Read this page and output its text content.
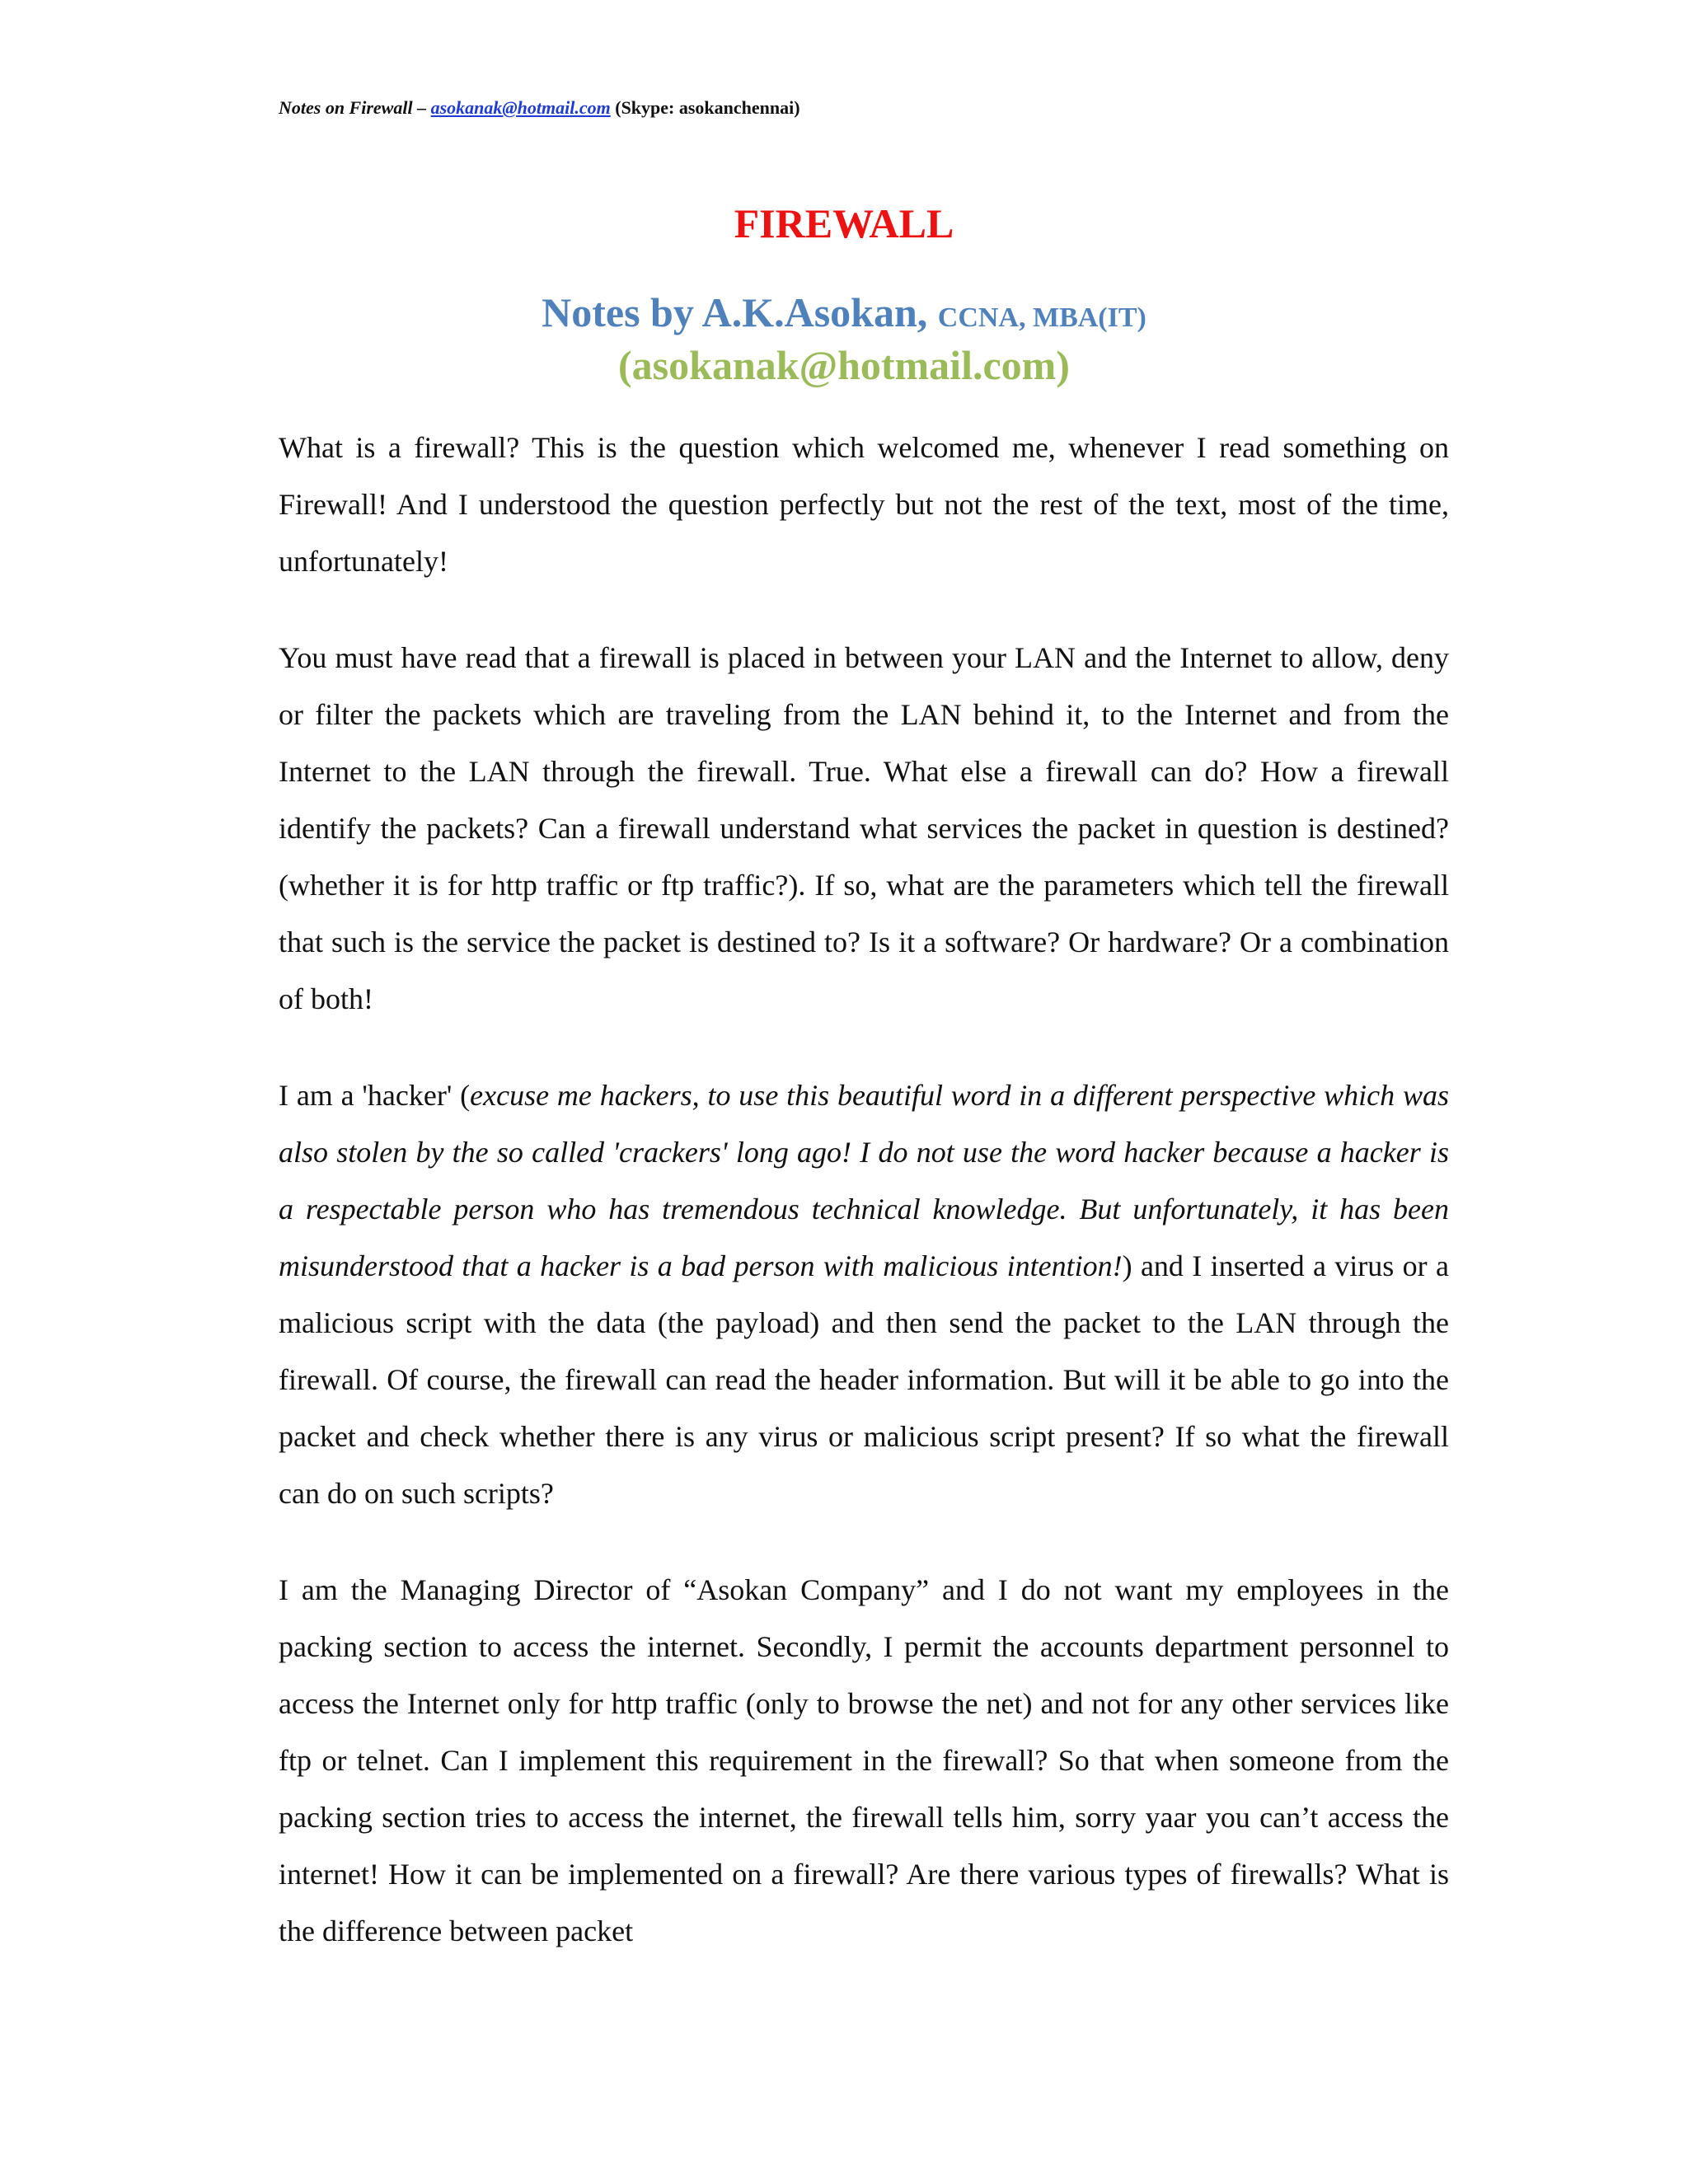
Notes on Firewall – asokanak@hotmail.com (Skype: asokanchennai)
FIREWALL
Notes by A.K.Asokan, CCNA, MBA(IT)
(asokanak@hotmail.com)

What is a firewall? This is the question which welcomed me, whenever I read something on Firewall! And I understood the question perfectly but not the rest of the text, most of the time, unfortunately!

You must have read that a firewall is placed in between your LAN and the Internet to allow, deny or filter the packets which are traveling from the LAN behind it, to the Internet and from the Internet to the LAN through the firewall. True. What else a firewall can do? How a firewall identify the packets? Can a firewall understand what services the packet in question is destined? (whether it is for http traffic or ftp traffic?). If so, what are the parameters which tell the firewall that such is the service the packet is destined to? Is it a software? Or hardware? Or a combination of both!

I am a 'hacker' (excuse me hackers, to use this beautiful word in a different perspective which was also stolen by the so called 'crackers' long ago! I do not use the word hacker because a hacker is a respectable person who has tremendous technical knowledge. But unfortunately, it has been misunderstood that a hacker is a bad person with malicious intention!) and I inserted a virus or a malicious script with the data (the payload) and then send the packet to the LAN through the firewall. Of course, the firewall can read the header information. But will it be able to go into the packet and check whether there is any virus or malicious script present? If so what the firewall can do on such scripts?

I am the Managing Director of “Asokan Company” and I do not want my employees in the packing section to access the internet. Secondly, I permit the accounts department personnel to access the Internet only for http traffic (only to browse the net) and not for any other services like ftp or telnet. Can I implement this requirement in the firewall? So that when someone from the packing section tries to access the internet, the firewall tells him, sorry yaar you can’t access the internet! How it can be implemented on a firewall? Are there various types of firewalls? What is the difference between packet
